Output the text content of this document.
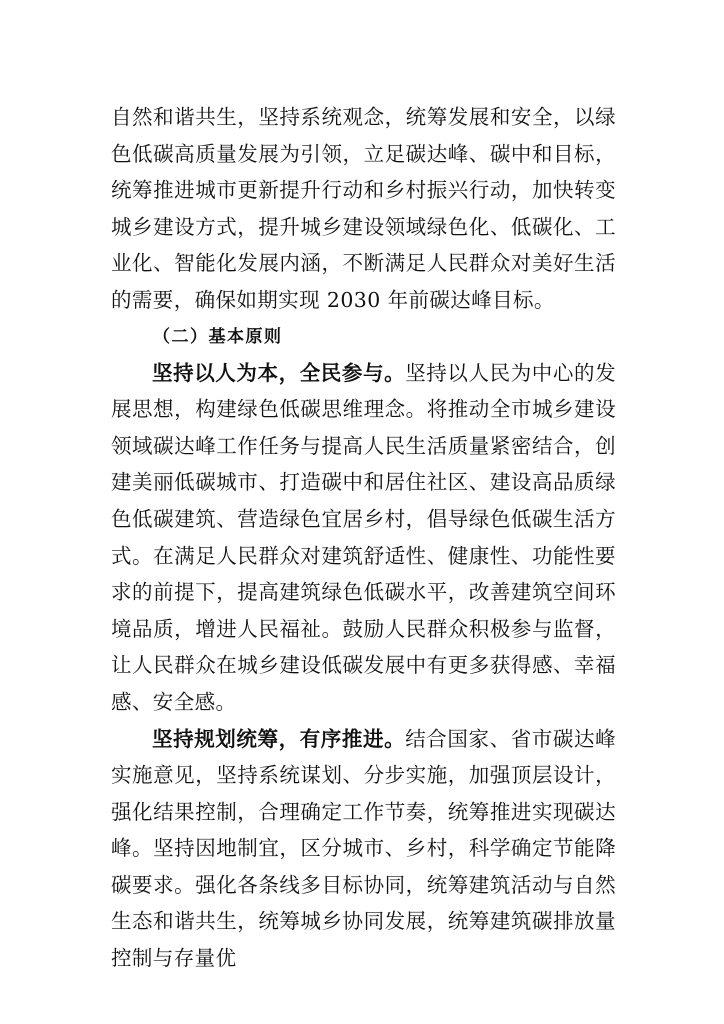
自然和谐共生，坚持系统观念，统筹发展和安全，以绿色低碳高质量发展为引领，立足碳达峰、碳中和目标，统筹推进城市更新提升行动和乡村振兴行动，加快转变城乡建设方式，提升城乡建设领域绿色化、低碳化、工业化、智能化发展内涵，不断满足人民群众对美好生活的需要，确保如期实现 2030 年前碳达峰目标。

（二）基本原则

坚持以人为本，全民参与。坚持以人民为中心的发展思想，构建绿色低碳思维理念。将推动全市城乡建设领域碳达峰工作任务与提高人民生活质量紧密结合，创建美丽低碳城市、打造碳中和居住社区、建设高品质绿色低碳建筑、营造绿色宜居乡村，倡导绿色低碳生活方式。在满足人民群众对建筑舒适性、健康性、功能性要求的前提下，提高建筑绿色低碳水平，改善建筑空间环境品质，增进人民福祉。鼓励人民群众积极参与监督，让人民群众在城乡建设低碳发展中有更多获得感、幸福感、安全感。

坚持规划统筹，有序推进。结合国家、省市碳达峰实施意见，坚持系统谋划、分步实施，加强顶层设计，强化结果控制，合理确定工作节奏，统筹推进实现碳达峰。坚持因地制宜，区分城市、乡村，科学确定节能降碳要求。强化各条线多目标协同，统筹建筑活动与自然生态和谐共生，统筹城乡协同发展，统筹建筑碳排放量控制与存量优
